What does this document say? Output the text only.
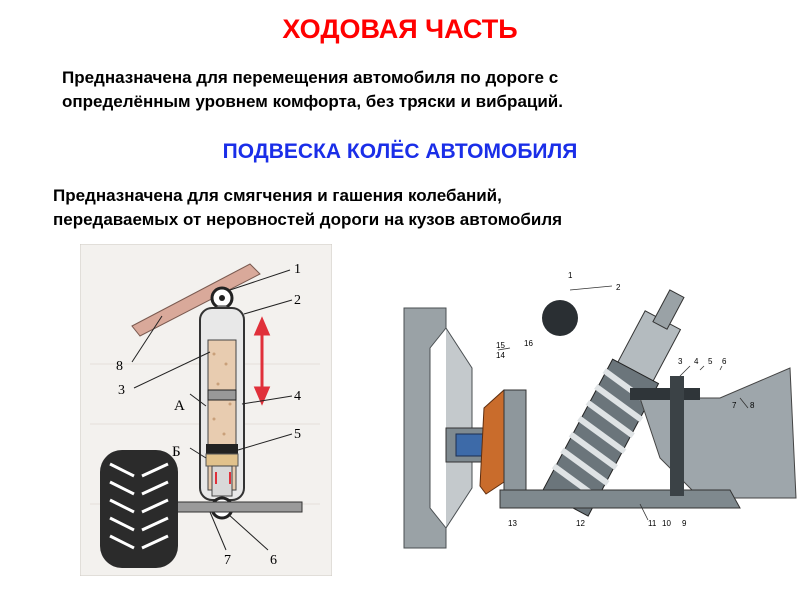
ХОДОВАЯ ЧАСТЬ
Предназначена для перемещения автомобиля по дороге с
определённым уровнем комфорта, без тряски и вибраций.
ПОДВЕСКА КОЛЁС АВТОМОБИЛЯ
Предназначена для смягчения и гашения колебаний,
передаваемых от неровностей дороги на кузов автомобиля
1
2
3	4
5
6
7
8
А
Б
1
2
3 4 5 6
7 8
9
10
11
12
13
14
15 16
